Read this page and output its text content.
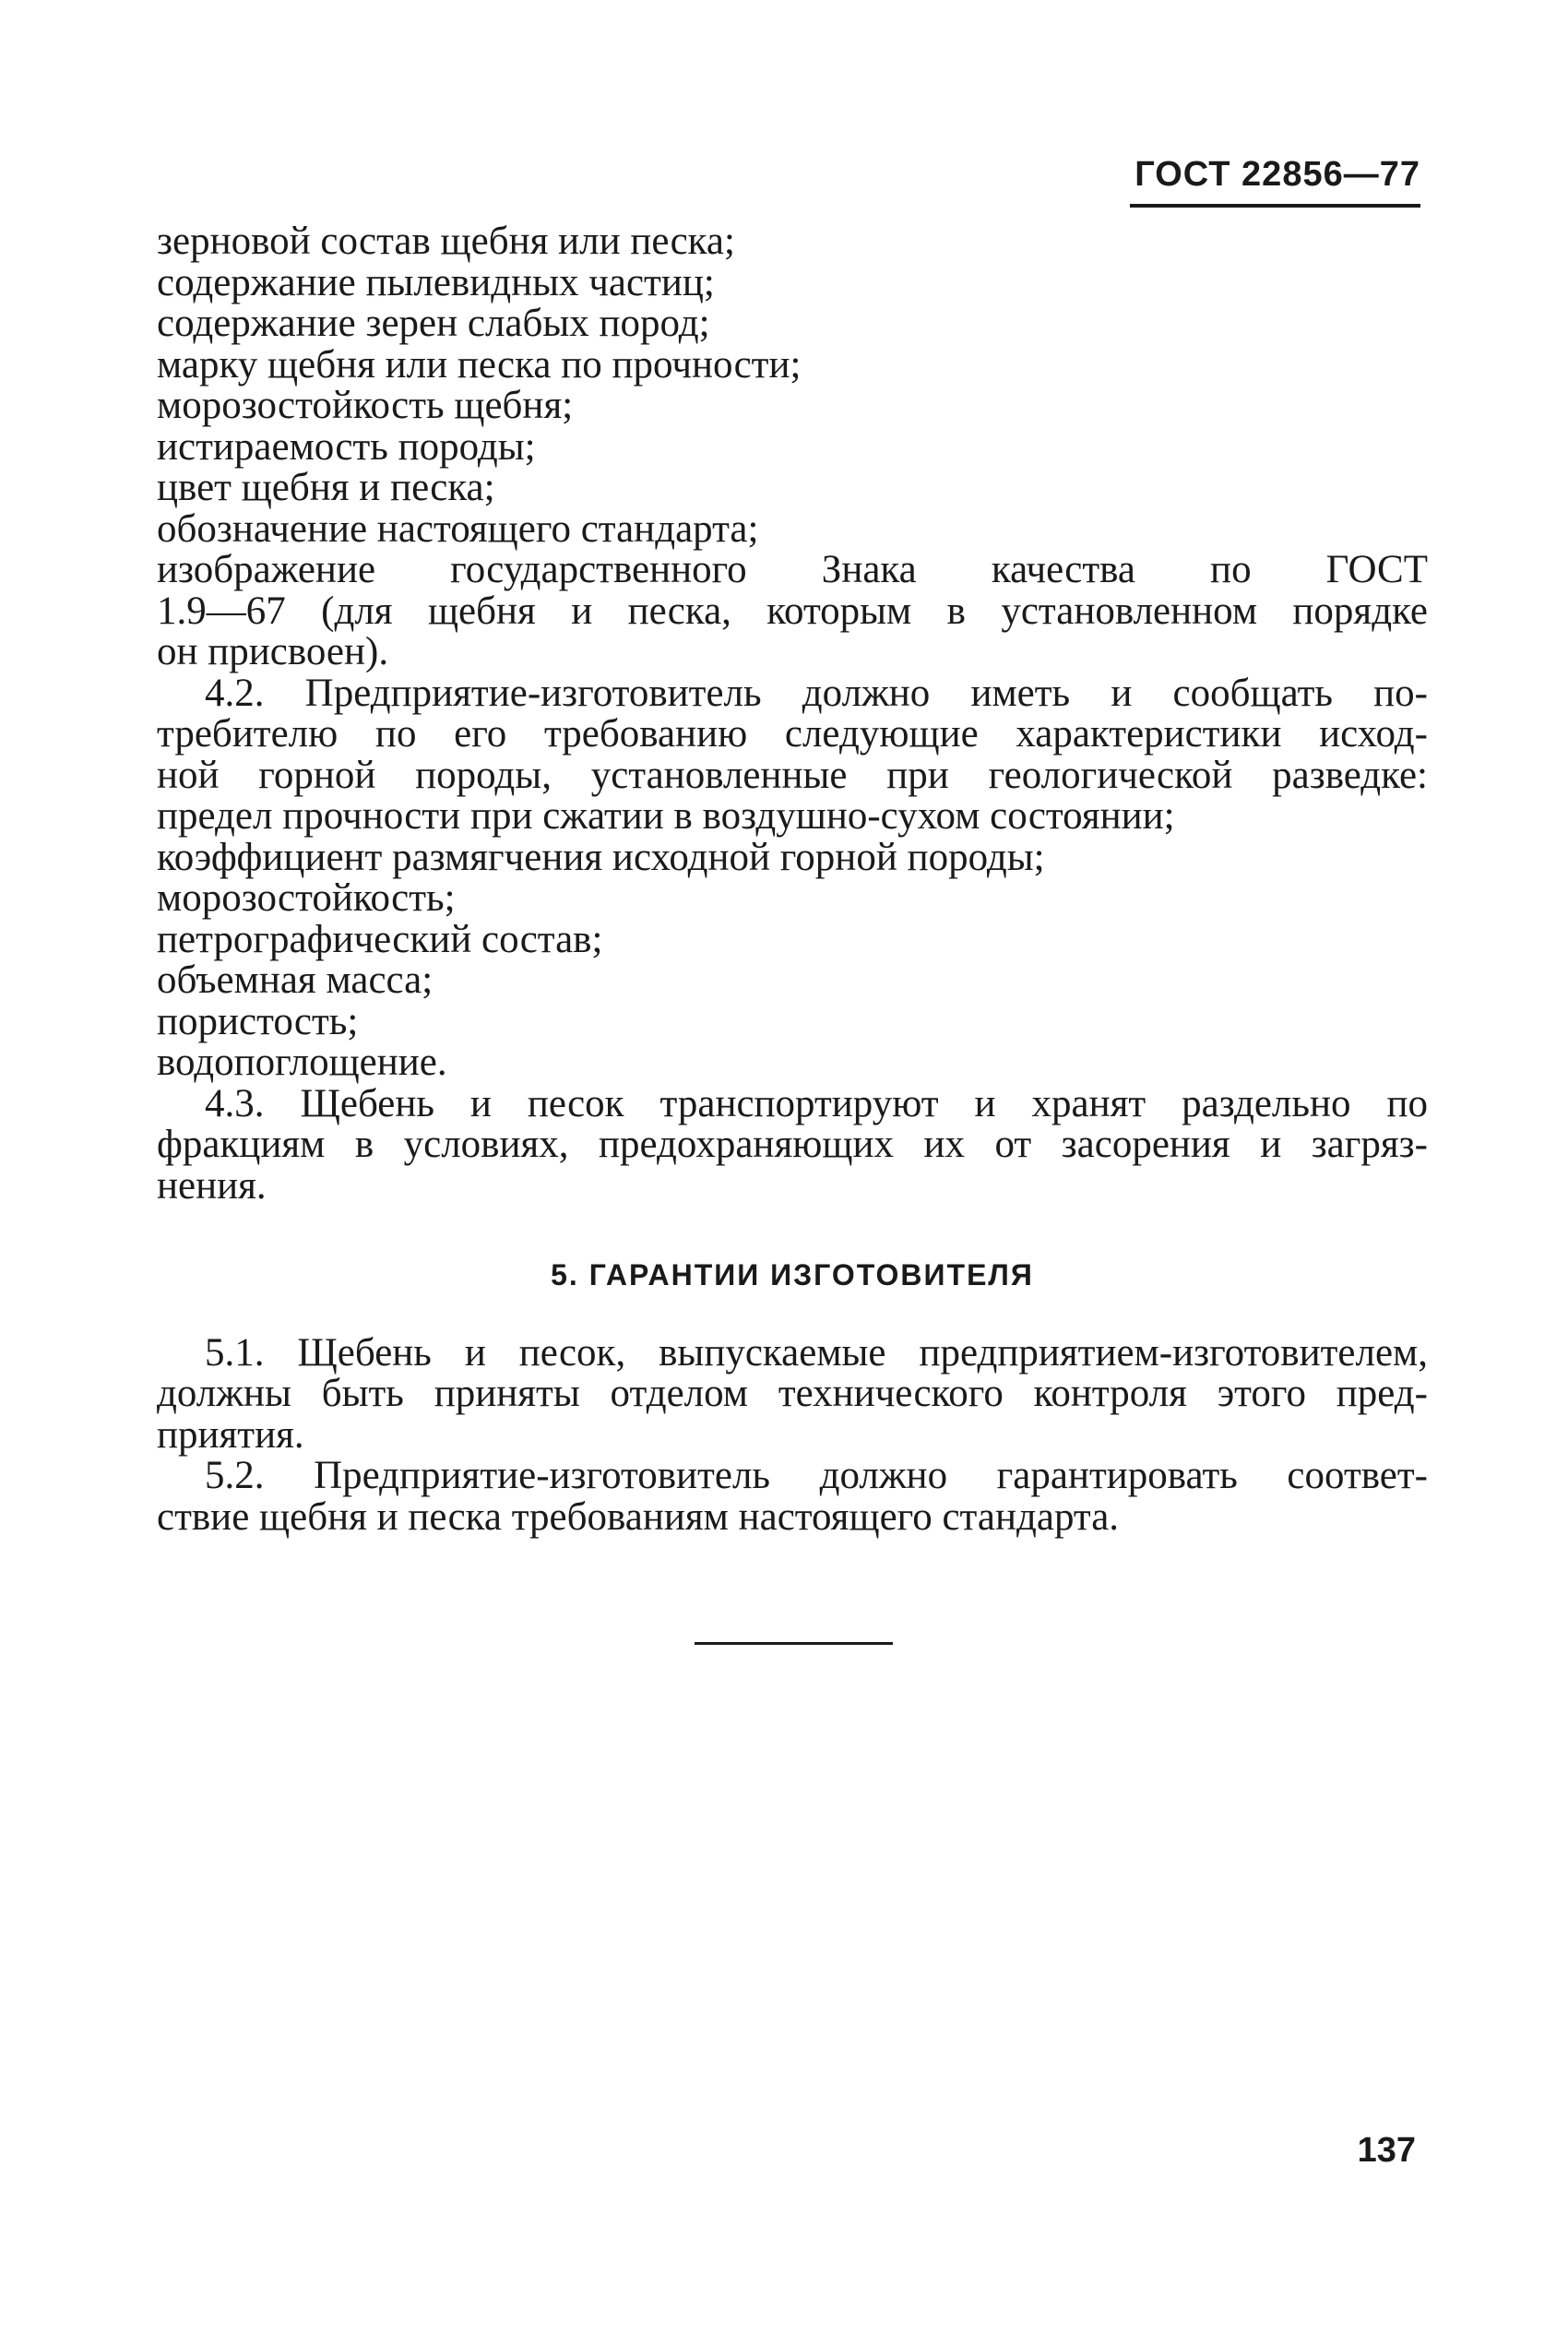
ГОСТ 22856—77
зерновой состав щебня или песка;
содержание пылевидных частиц;
содержание зерен слабых пород;
марку щебня или песка по прочности;
морозостойкость щебня;
истираемость породы;
цвет щебня и песка;
обозначение настоящего стандарта;
изображение государственного Знака качества по ГОСТ
1.9—67 (для щебня и песка, которым в установленном порядке
он присвоен).
4.2. Предприятие-изготовитель должно иметь и сообщать по-
требителю по его требованию следующие характеристики исход-
ной горной породы, установленные при геологической разведке:
предел прочности при сжатии в воздушно-сухом состоянии;
коэффициент размягчения исходной горной породы;
морозостойкость;
петрографический состав;
объемная масса;
пористость;
водопоглощение.
4.3. Щебень и песок транспортируют и хранят раздельно по
фракциям в условиях, предохраняющих их от засорения и загряз-
нения.
5. ГАРАНТИИ ИЗГОТОВИТЕЛЯ
5.1. Щебень и песок, выпускаемые предприятием-изготовителем,
должны быть приняты отделом технического контроля этого пред-
приятия.
5.2. Предприятие-изготовитель должно гарантировать соответ-
ствие щебня и песка требованиям настоящего стандарта.
137
